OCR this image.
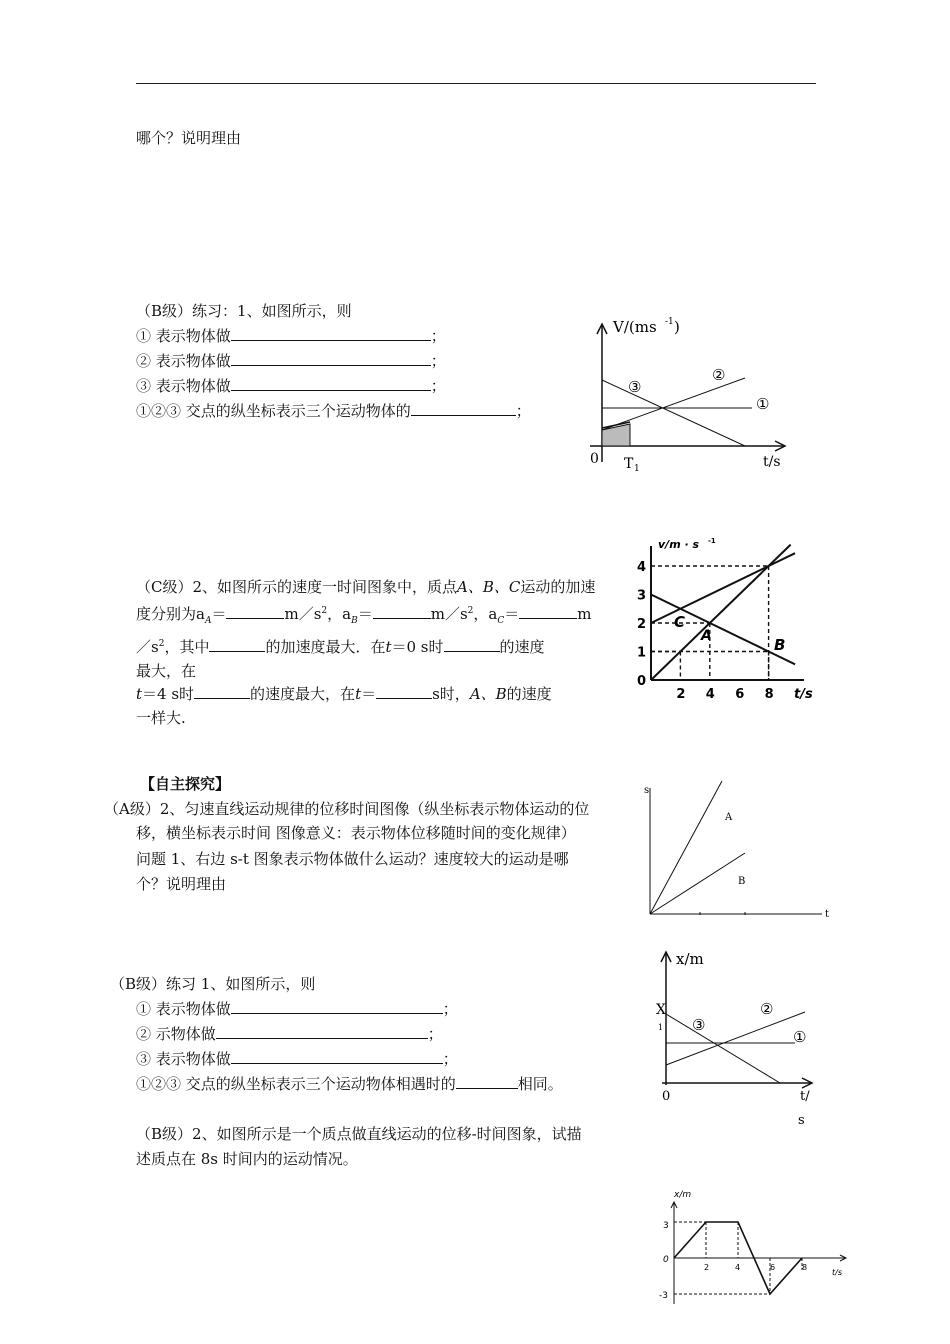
哪个？说明理由
（B级）练习：1、如图所示，则
① 表示物体做	；
② 表示物体做	；
③ 表示物体做	；
①②③ 交点的纵坐标表示三个运动物体的	；
V/(ms -1 )
②
③
①
0 T 1	t/s
（C级）2、如图所示的速度一时间图象中，质点A、B、C运动的加速
度分别为$a_A=$	$m/s^2$，$a_B=$	$m/s^2$，$a_C=$	m
$/s^2$，其中	的加速度最大．在t＝0 s时	的速度
最大，在
t＝4 s时	的速度最大，在t＝	s时，A、B的速度
一样大.
0
1
2
3
4
2 4 6 8
v/m · s -1
t/s
C
A	B
【自主探究】
（A级）2、匀速直线运动规律的位移时间图像（纵坐标表示物体运动的位
移，横坐标表示时间 图像意义：表示物体位移随时间的变化规律）
问题 1、右边 s-t 图象表示物体做什么运动？速度较大的运动是哪
个？说明理由
s
t
A
B
（B级）练习 1、如图所示，则
① 表示物体做	；
② 示物体做	；
③ 表示物体做	；
①②③ 交点的纵坐标表示三个运动物体相遇时的	相同。
x/m
X
1 ③
②
①
0	t/
s
（B级）2、如图所示是一个质点做直线运动的位移-时间图象，试描
述质点在 8s 时间内的运动情况。
x/m
t/s
3
0
-3
2	4	6	8
